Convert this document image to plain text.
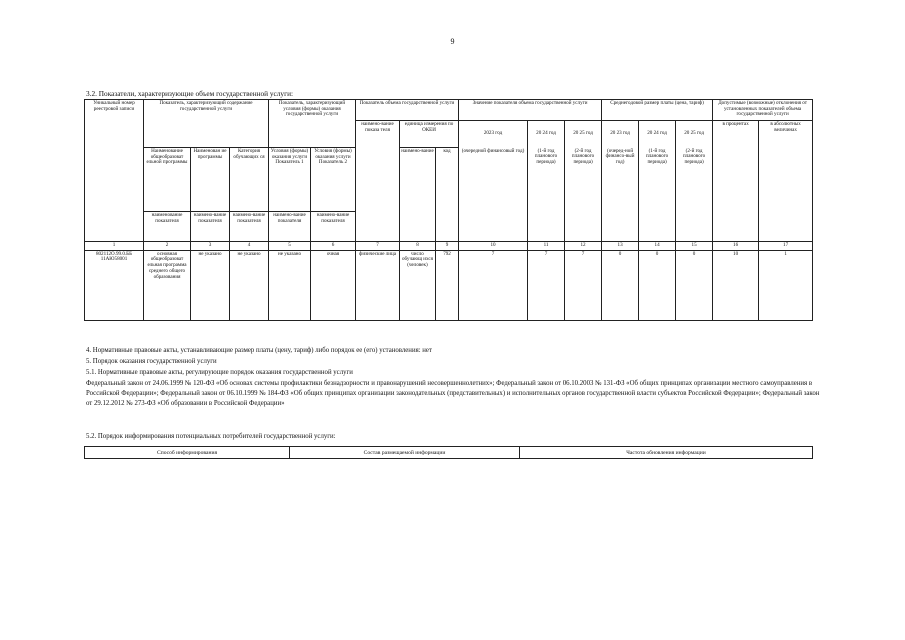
9
3.2. Показатели, характеризующие объем государственной услуги:
Уникальный номер реестровой записи	Показатель, характеризующий содержание государственной услуги			Показатель, характеризующий условия (формы) оказания государственной услуги		Показатель объема государственной услуги			Значение показателя объема государственной услуги			Среднегодовой размер платы (цена, тариф)			Допустимые (возможные) отклонения от установленных показателей объема государственной услуги	
						наимено-вание показа теля	единица измерения по ОКЕИ		2023 год	20 24 год	20 25 год	20 23 год	20 24 год	20 25 год	в процентах	в абсолютных величинах
	Наименование общеобразоват ельной программы	Наименован ие программы	Категория обучающих ся	Условия (формы) оказания услуги Показатель 1	Условия (формы) оказания услуги Показатель 2		наимено-вание	код	(очередной финансовый год)	(1-й год планового периода)	(2-й год планового периода)	(очеред-ной финансо-вый год)	(1-й год планового периода)	(2-й год планового периода)		
	наименование показателя	наимено-вание показателя	наимено-вание показателя	наимено-вание показателя	наимено-вание показателя											
1	2	3	4	5	6	7	8	9	10	11	12	13	14	15	16	17
802112О.99.0.ББ 11АЮ58001	основная общеобразоват ельная программа среднего общего образования	не указано	не указано	не указано	очная	физические лица	число обучающ ихся (человек)	792	7	7	7	0	0	0	10	1
4. Нормативные правовые акты, устанавливающие размер платы (цену, тариф) либо порядок ее (его) установления: нет
5. Порядок оказания государственной услуги
5.1. Нормативные правовые акты, регулирующие порядок оказания государственной услуги
Федеральный закон от 24.06.1999 № 120-ФЗ «Об основах системы профилактики безнадзорности и правонарушений несовершеннолетних»; Федеральный закон от 06.10.2003 № 131-ФЗ «Об общих принципах организации местного самоуправления в Российской Федерации»; Федеральный закон от 06.10.1999 № 184-ФЗ «Об общих принципах организации законодательных (представительных) и исполнительных органов государственной власти субъектов Российской Федерации»; Федеральный закон от 29.12.2012 № 273-ФЗ «Об образовании в Российской Федерации»
5.2. Порядок информирования потенциальных потребителей государственной услуги:
Способ информирования	Состав размещаемой информации	Частота обновления информации
